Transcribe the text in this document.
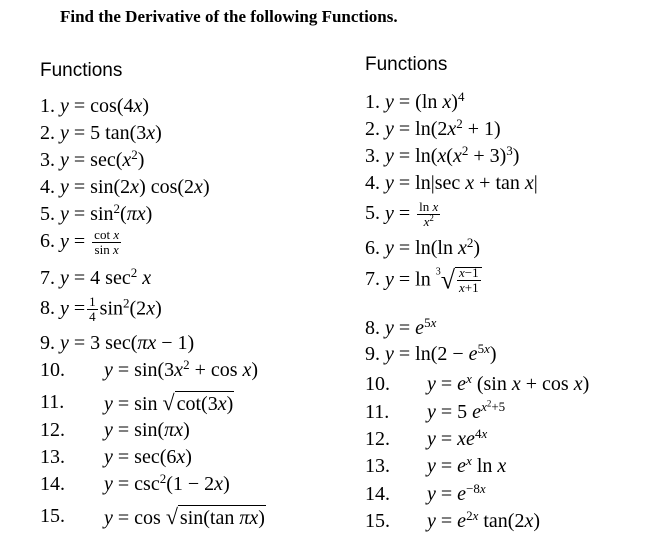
Find the Derivative of the following Functions.
Functions	Functions
1. y = cos(4x)
2. y = 5 tan(3x)
3. $y = \sec(x^2)$
4. y = sin(2x) cos(2x)
5. $y = \sin^2(\pi x)$
6. $y = \frac{\text{cot x}}{\text{sin x}}$
7. y = 4 $\sec^2 x$
8. $y = \frac{1}{4} \sin^2(2x)$
9. y = 3 sec(πx − 1)
10. $y = \sin(3x^2 + \cos x)$
11. y = sin √ cot(3x)
12. y = sin(πx)
13. y = sec(6x)
14. $y = \csc^2(1 - 2x)$
15. y = cos √ sin(tan πx)
1. y = (ln x)$^4$
2. $y = \ln(2x^2 + 1)$
3. $y = \ln(x(x^2 + 3)^3)$
4. y = ln|sec x + tan x|
5. $y = \frac{\text{ln x}}{x^2}$
6. y = ln(ln $x^2$)
7. $y = \ln ^3√ \frac{x-1}{x+1}$
8. $y = e^{5x}$
9. $y = \ln(2 - e^{5x})$
10. $y = e^x$ (sin x + cos x)
11. y = 5 $e^{x^2+5}$
12. $y = xe^{4x}$
13. $y = e^x$ ln x
14. $y = e^{-8x}$
15. $y = e^{2x}$ tan(2x)
